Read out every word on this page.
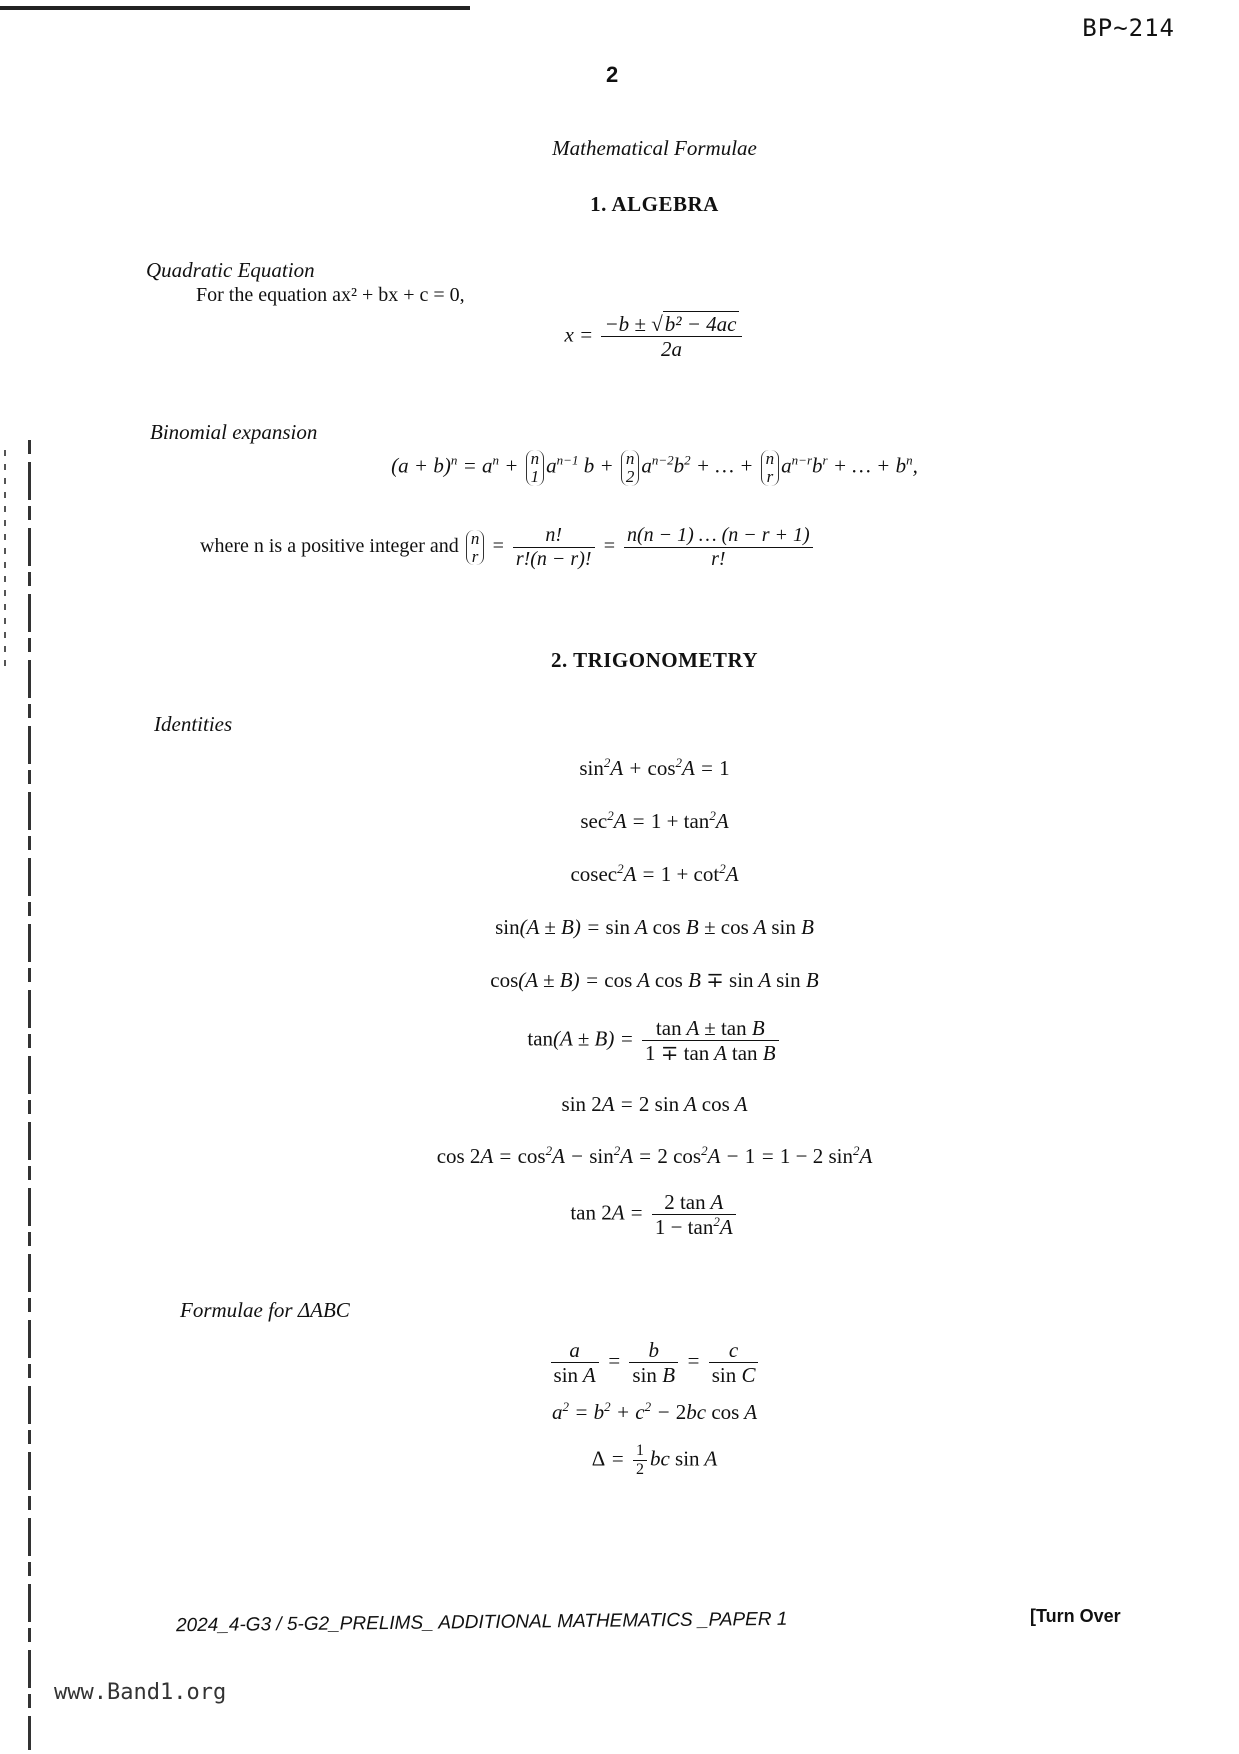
BP~214
2
Mathematical Formulae
1. ALGEBRA
Quadratic Equation
For the equation ax² + bx + c = 0,
$x = \frac{\text{−b ± √b² − 4ac}}{2a}$
Binomial expansion
$(a + b)^n = a^n + n$
1 $a^{n-1}$ b + n
2 $a^{n-2}b^2$ + … + n
r $a^{n-r}b^r$ + … + $b^n$,
where n is a positive integer and n
$r = \frac{n!}{r!(n - r)!} = \frac{n(n - 1) \dots (n - r + 1)}{r!}$
2. TRIGONOMETRY
Identities
$\sin^2A + \cos^2A = 1$
$\sec^2A = 1 + \tan^2A$
$cosec^2A = 1 + \cot^2A$
sin(A ± B) = sin A cos B ± cos A sin B
cos(A ± B) = cos A cos B ∓ sin A sin B
$\tan(A \pm B) = \frac{\text{tan A ± tan B}}{\text{1 ∓ tan A tan B}}$
sin 2A = 2 sin A cos A
$\cos 2A = \cos^2A - \sin^2A = 2$ $\cos^2A - 1 = 1 - 2$ $\sin^2A$
$\tan 2A = \frac{\text{2 tan A}}{1 - \tan^2A}$
Formulae for ΔABC
$\frac{a}{\text{sin A}} = \frac{b}{\text{sin B}} = \frac{c}{\text{sin C}}$
$a^2 = b^2 + c^2 - 2bc$ cos A
$\Delta = \frac{1}{2}$ bc sin A
2024_4-G3 / 5-G2_PRELIMS_ ADDITIONAL MATHEMATICS _PAPER 1	[Turn Over
www.Band1.org
